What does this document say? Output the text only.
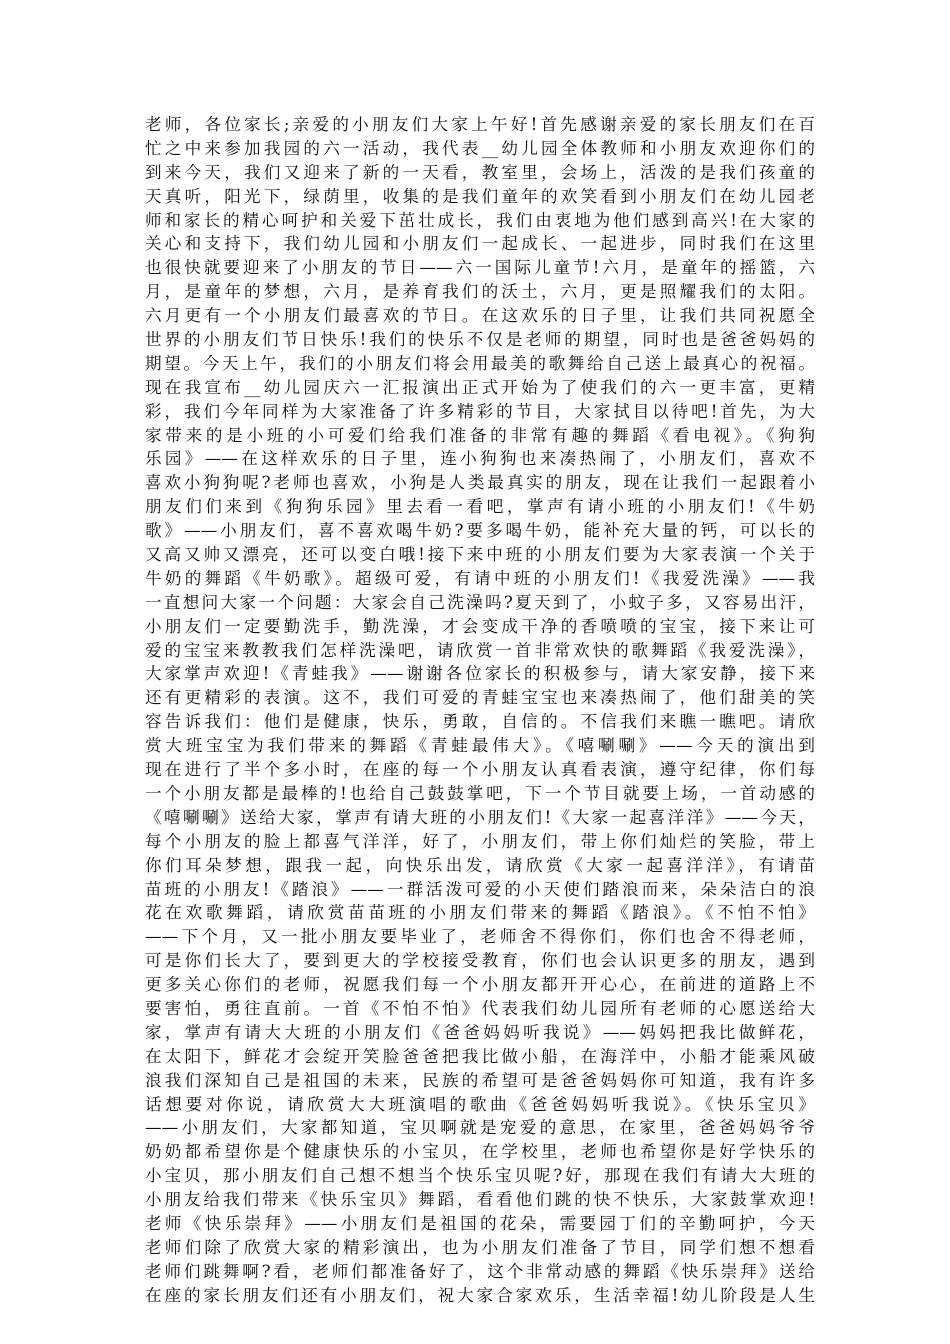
老师，各位家长;亲爱的小朋友们大家上午好!首先感谢亲爱的家长朋友们在百
忙之中来参加我园的六一活动，我代表__幼儿园全体教师和小朋友欢迎你们的
到来今天，我们又迎来了新的一天看，教室里，会场上，活泼的是我们孩童的
天真听，阳光下，绿荫里，收集的是我们童年的欢笑看到小朋友们在幼儿园老
师和家长的精心呵护和关爱下茁壮成长，我们由衷地为他们感到高兴!在大家的
关心和支持下，我们幼儿园和小朋友们一起成长、一起进步，同时我们在这里
也很快就要迎来了小朋友的节日——六一国际儿童节!六月，是童年的摇篮，六
月，是童年的梦想，六月，是养育我们的沃土，六月，更是照耀我们的太阳。
六月更有一个小朋友们最喜欢的节日。在这欢乐的日子里，让我们共同祝愿全
世界的小朋友们节日快乐!我们的快乐不仅是老师的期望，同时也是爸爸妈妈的
期望。今天上午，我们的小朋友们将会用最美的歌舞给自己送上最真心的祝福。
现在我宣布__幼儿园庆六一汇报演出正式开始为了使我们的六一更丰富，更精
彩，我们今年同样为大家准备了许多精彩的节目，大家拭目以待吧!首先，为大
家带来的是小班的小可爱们给我们准备的非常有趣的舞蹈《看电视》。《狗狗
乐园》——在这样欢乐的日子里，连小狗狗也来凑热闹了，小朋友们，喜欢不
喜欢小狗狗呢?老师也喜欢，小狗是人类最真实的朋友，现在让我们一起跟着小
朋友们们来到《狗狗乐园》里去看一看吧，掌声有请小班的小朋友们!《牛奶
歌》——小朋友们，喜不喜欢喝牛奶?要多喝牛奶，能补充大量的钙，可以长的
又高又帅又漂亮，还可以变白哦!接下来中班的小朋友们要为大家表演一个关于
牛奶的舞蹈《牛奶歌》。超级可爱，有请中班的小朋友们!《我爱洗澡》——我
一直想问大家一个问题：大家会自己洗澡吗?夏天到了，小蚊子多，又容易出汗，
小朋友们一定要勤洗手，勤洗澡，才会变成干净的香喷喷的宝宝，接下来让可
爱的宝宝来教教我们怎样洗澡吧，请欣赏一首非常欢快的歌舞蹈《我爱洗澡》，
大家掌声欢迎!《青蛙我》——谢谢各位家长的积极参与，请大家安静，接下来
还有更精彩的表演。这不，我们可爱的青蛙宝宝也来凑热闹了，他们甜美的笑
容告诉我们：他们是健康，快乐，勇敢，自信的。不信我们来瞧一瞧吧。请欣
赏大班宝宝为我们带来的舞蹈《青蛙最伟大》。《嘻唰唰》——今天的演出到
现在进行了半个多小时，在座的每一个小朋友认真看表演，遵守纪律，你们每
一个小朋友都是最棒的!也给自己鼓鼓掌吧，下一个节目就要上场，一首动感的
《嘻唰唰》送给大家，掌声有请大班的小朋友们!《大家一起喜洋洋》——今天，
每个小朋友的脸上都喜气洋洋，好了，小朋友们，带上你们灿烂的笑脸，带上
你们耳朵梦想，跟我一起，向快乐出发，请欣赏《大家一起喜洋洋》，有请苗
苗班的小朋友!《踏浪》——一群活泼可爱的小天使们踏浪而来，朵朵洁白的浪
花在欢歌舞蹈，请欣赏苗苗班的小朋友们带来的舞蹈《踏浪》。《不怕不怕》
——下个月，又一批小朋友要毕业了，老师舍不得你们，你们也舍不得老师，
可是你们长大了，要到更大的学校接受教育，你们也会认识更多的朋友，遇到
更多关心你们的老师，祝愿我们每一个小朋友都开开心心，在前进的道路上不
要害怕，勇往直前。一首《不怕不怕》代表我们幼儿园所有老师的心愿送给大
家，掌声有请大大班的小朋友们《爸爸妈妈听我说》——妈妈把我比做鲜花，
在太阳下，鲜花才会绽开笑脸爸爸把我比做小船，在海洋中，小船才能乘风破
浪我们深知自己是祖国的未来，民族的希望可是爸爸妈妈你可知道，我有许多
话想要对你说，请欣赏大大班演唱的歌曲《爸爸妈妈听我说》。《快乐宝贝》
——小朋友们，大家都知道，宝贝啊就是宠爱的意思，在家里，爸爸妈妈爷爷
奶奶都希望你是个健康快乐的小宝贝，在学校里，老师也希望你是好学快乐的
小宝贝，那小朋友们自己想不想当个快乐宝贝呢?好，那现在我们有请大大班的
小朋友给我们带来《快乐宝贝》舞蹈，看看他们跳的快不快乐，大家鼓掌欢迎!
老师《快乐崇拜》——小朋友们是祖国的花朵，需要园丁们的辛勤呵护，今天
老师们除了欣赏大家的精彩演出，也为小朋友们准备了节目，同学们想不想看
老师们跳舞啊?看，老师们都准备好了，这个非常动感的舞蹈《快乐崇拜》送给
在座的家长朋友们还有小朋友们，祝大家合家欢乐，生活幸福!幼儿阶段是人生
